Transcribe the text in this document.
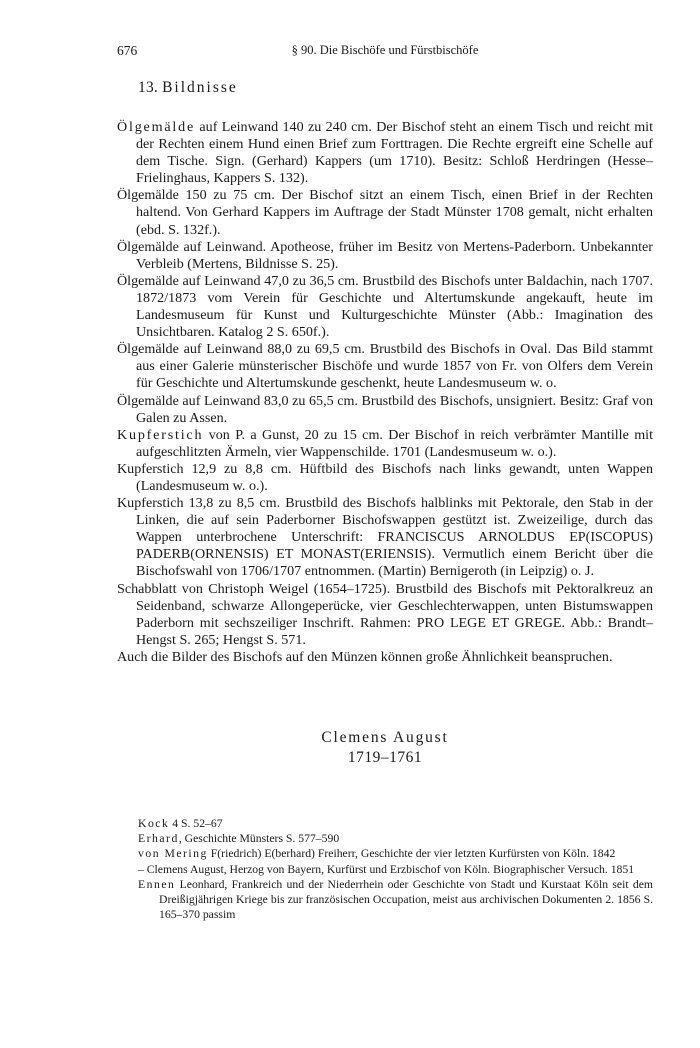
676	§ 90. Die Bischöfe und Fürstbischöfe
13. Bildnisse

Ölgemälde auf Leinwand 140 zu 240 cm. Der Bischof steht an einem Tisch und reicht mit der Rechten einem Hund einen Brief zum Forttragen. Die Rechte ergreift eine Schelle auf dem Tische. Sign. (Gerhard) Kappers (um 1710). Besitz: Schloß Herdringen (Hesse–Frielinghaus, Kappers S. 132).

Ölgemälde 150 zu 75 cm. Der Bischof sitzt an einem Tisch, einen Brief in der Rechten haltend. Von Gerhard Kappers im Auftrage der Stadt Münster 1708 gemalt, nicht erhalten (ebd. S. 132f.).

Ölgemälde auf Leinwand. Apotheose, früher im Besitz von Mertens-Paderborn. Unbekannter Verbleib (Mertens, Bildnisse S. 25).

Ölgemälde auf Leinwand 47,0 zu 36,5 cm. Brustbild des Bischofs unter Baldachin, nach 1707. 1872/1873 vom Verein für Geschichte und Altertumskunde angekauft, heute im Landesmuseum für Kunst und Kulturgeschichte Münster (Abb.: Imagination des Unsichtbaren. Katalog 2 S. 650f.).

Ölgemälde auf Leinwand 88,0 zu 69,5 cm. Brustbild des Bischofs in Oval. Das Bild stammt aus einer Galerie münsterischer Bischöfe und wurde 1857 von Fr. von Olfers dem Verein für Geschichte und Altertumskunde geschenkt, heute Landesmuseum w. o.

Ölgemälde auf Leinwand 83,0 zu 65,5 cm. Brustbild des Bischofs, unsigniert. Besitz: Graf von Galen zu Assen.

Kupferstich von P. a Gunst, 20 zu 15 cm. Der Bischof in reich verbrämter Mantille mit aufgeschlitzten Ärmeln, vier Wappenschilde. 1701 (Landesmuseum w. o.).

Kupferstich 12,9 zu 8,8 cm. Hüftbild des Bischofs nach links gewandt, unten Wappen (Landesmuseum w. o.).

Kupferstich 13,8 zu 8,5 cm. Brustbild des Bischofs halblinks mit Pektorale, den Stab in der Linken, die auf sein Paderborner Bischofswappen gestützt ist. Zweizeilige, durch das Wappen unterbrochene Unterschrift: FRANCISCUS ARNOLDUS EP(ISCOPUS) PADERB(ORNENSIS) ET MONAST(ERIENSIS). Vermutlich einem Bericht über die Bischofswahl von 1706/1707 entnommen. (Martin) Bernigeroth (in Leipzig) o. J.

Schabblatt von Christoph Weigel (1654–1725). Brustbild des Bischofs mit Pektoralkreuz an Seidenband, schwarze Allongeperücke, vier Geschlechterwappen, unten Bistumswappen Paderborn mit sechszeiliger Inschrift. Rahmen: PRO LEGE ET GREGE. Abb.: Brandt–Hengst S. 265; Hengst S. 571.

Auch die Bilder des Bischofs auf den Münzen können große Ähnlichkeit beanspruchen.

Clemens August
1719–1761

Kock 4 S. 52–67

Erhard, Geschichte Münsters S. 577–590

von Mering F(riedrich) E(berhard) Freiherr, Geschichte der vier letzten Kurfürsten von Köln. 1842

– Clemens August, Herzog von Bayern, Kurfürst und Erzbischof von Köln. Biographischer Versuch. 1851

Ennen Leonhard, Frankreich und der Niederrhein oder Geschichte von Stadt und Kurstaat Köln seit dem Dreißigjährigen Kriege bis zur französischen Occupation, meist aus archivischen Dokumenten 2. 1856 S. 165–370 passim
